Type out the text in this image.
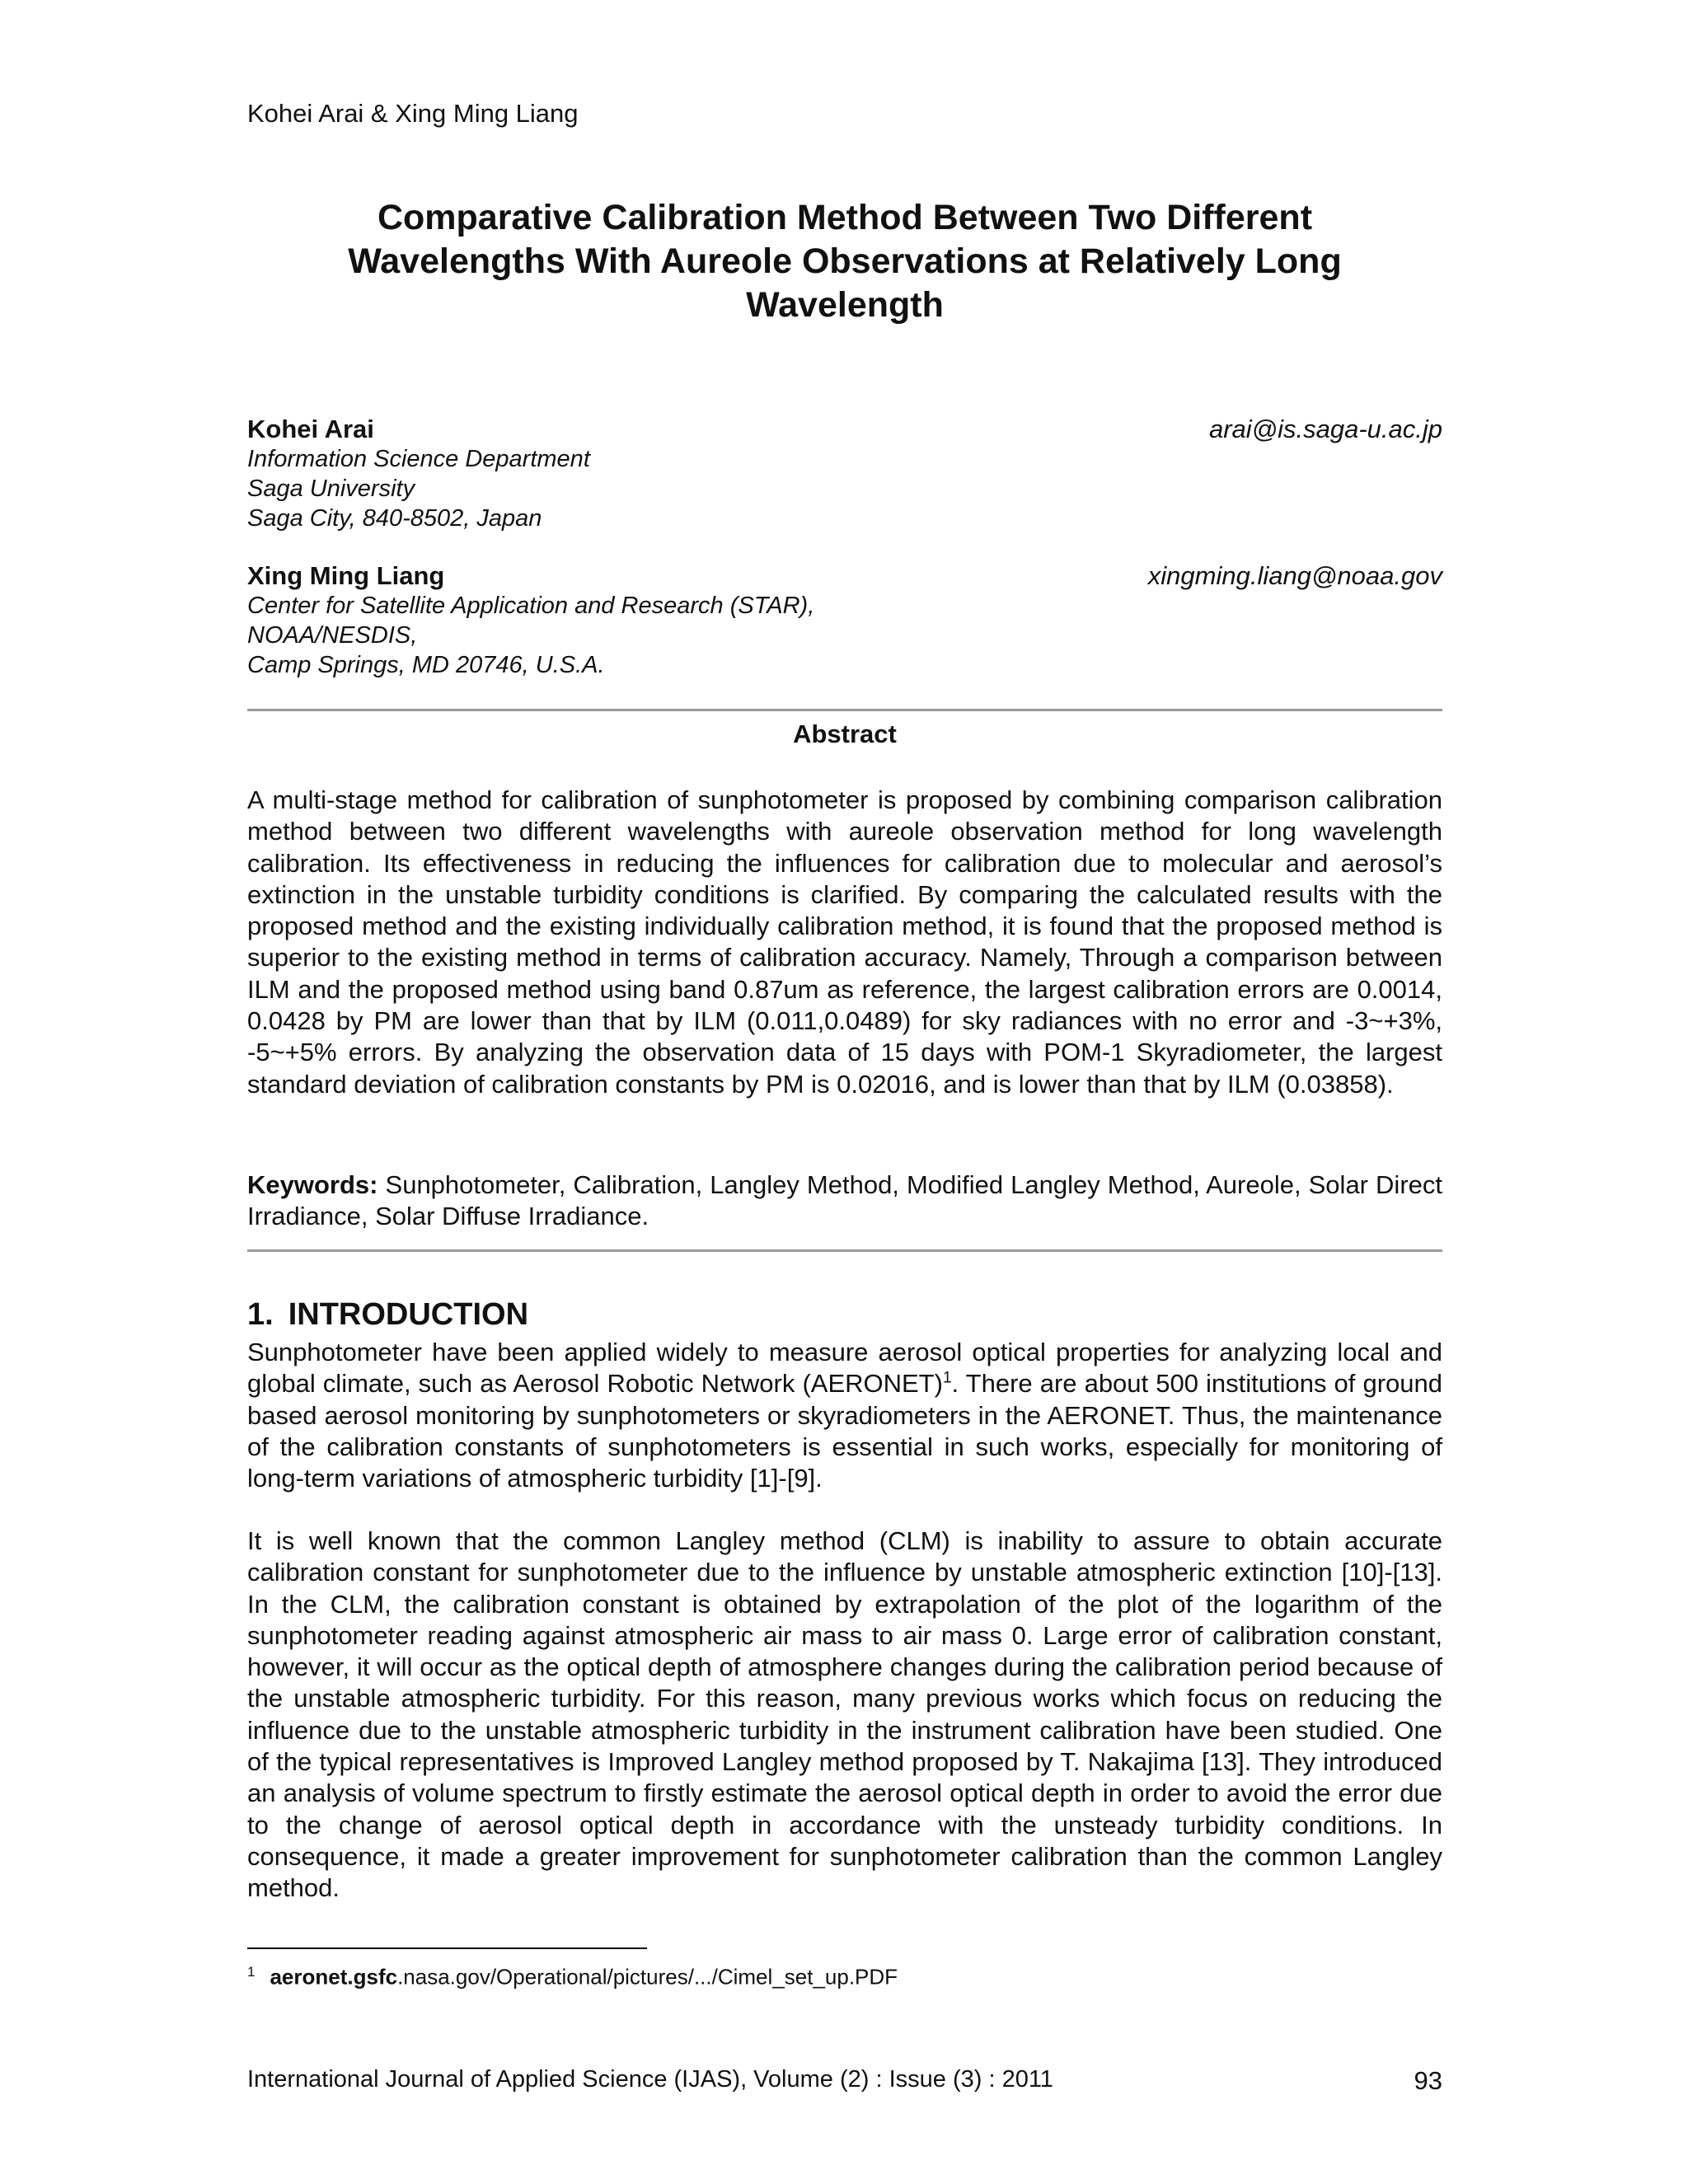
Kohei Arai & Xing Ming Liang
Comparative Calibration Method Between Two Different
Wavelengths With Aureole Observations at Relatively Long
Wavelength
Kohei Arai	arai@is.saga-u.ac.jp
Information Science Department
Saga University
Saga City, 840-8502, Japan
Xing Ming Liang	xingming.liang@noaa.gov
Center for Satellite Application and Research (STAR),
NOAA/NESDIS,
Camp Springs, MD 20746, U.S.A.
Abstract

A multi-stage method for calibration of sunphotometer is proposed by combining comparison calibration method between two different wavelengths with aureole observation method for long wavelength calibration. Its effectiveness in reducing the influences for calibration due to molecular and aerosol’s extinction in the unstable turbidity conditions is clarified. By comparing the calculated results with the proposed method and the existing individually calibration method, it is found that the proposed method is superior to the existing method in terms of calibration accuracy. Namely, Through a comparison between ILM and the proposed method using band 0.87um as reference, the largest calibration errors are 0.0014, 0.0428 by PM are lower than that by ILM (0.011,0.0489) for sky radiances with no error and -3~+3%, -5~+5% errors. By analyzing the observation data of 15 days with POM-1 Skyradiometer, the largest standard deviation of calibration constants by PM is 0.02016, and is lower than that by ILM (0.03858).

Keywords: Sunphotometer, Calibration, Langley Method, Modified Langley Method, Aureole, Solar Direct Irradiance, Solar Diffuse Irradiance.

1. INTRODUCTION

Sunphotometer have been applied widely to measure aerosol optical properties for analyzing local and global climate, such as Aerosol Robotic Network (AERONET)$^1$. There are about 500 institutions of ground based aerosol monitoring by sunphotometers or skyradiometers in the AERONET. Thus, the maintenance of the calibration constants of sunphotometers is essential in such works, especially for monitoring of long-term variations of atmospheric turbidity [1]-[9].

It is well known that the common Langley method (CLM) is inability to assure to obtain accurate calibration constant for sunphotometer due to the influence by unstable atmospheric extinction [10]-[13]. In the CLM, the calibration constant is obtained by extrapolation of the plot of the logarithm of the sunphotometer reading against atmospheric air mass to air mass 0. Large error of calibration constant, however, it will occur as the optical depth of atmosphere changes during the calibration period because of the unstable atmospheric turbidity. For this reason, many previous works which focus on reducing the influence due to the unstable atmospheric turbidity in the instrument calibration have been studied. One of the typical representatives is Improved Langley method proposed by T. Nakajima [13]. They introduced an analysis of volume spectrum to firstly estimate the aerosol optical depth in order to avoid the error due to the change of aerosol optical depth in accordance with the unsteady turbidity conditions. In consequence, it made a greater improvement for sunphotometer calibration than the common Langley method.

$^1$ aeronet.gsfc.nasa.gov/Operational/pictures/.../Cimel_set_up.PDF
International Journal of Applied Science (IJAS), Volume (2) : Issue (3) : 2011	93
